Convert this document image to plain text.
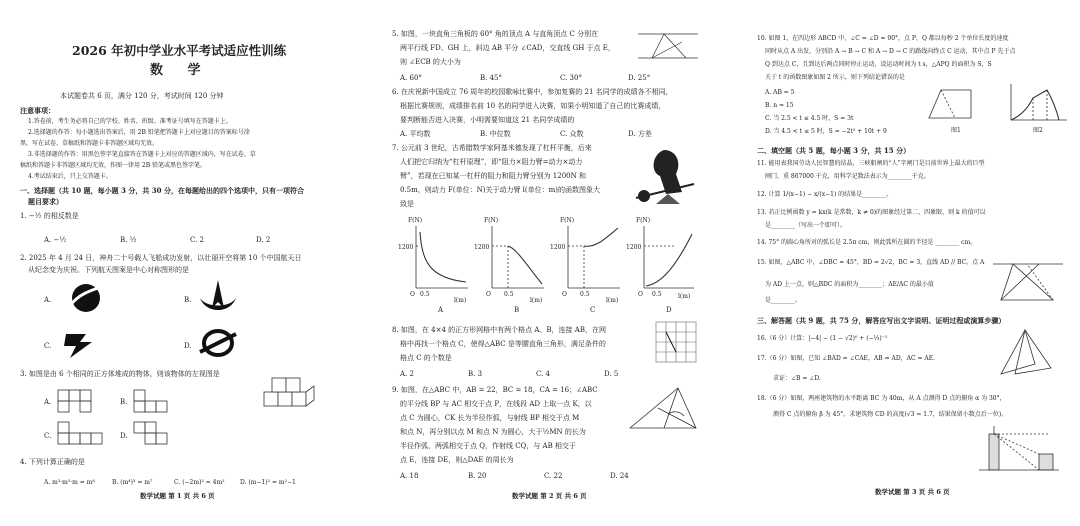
2026 年初中学业水平考试适应性训练
数 学
本试题卷共 6 页，满分 120 分，考试时间 120 分钟
注意事项：
1.答卷前，考生务必将自己的学校、姓名、班级、准考证号填写在答题卡上。
2.选择题的作答：每小题选出答案后，用 2B 铅笔把答题卡上对应题目的答案标号涂
黑，写在试卷、草稿纸和答题卡非答题区域均无效。
3.非选择题的作答：用黑色签字笔直接答在答题卡上对应的答题区域内，写在试卷、草
稿纸和答题卡非答题区域均无效，作图一律用 2B 铅笔或黑色签字笔。
4.考试结束后，只上交答题卡。
一、选择题（共 10 题，每小题 3 分，共 30 分，在每题给出的四个选项中，只有一项符合
题目要求）
1. −½ 的相反数是
A. −½	B. ½	C. 2	D. 2
2. 2025 年 4 月 24 日，神舟二十号载人飞船成功发射，以壮丽开空将第 10 个中国航天日
从纪念变为庆祝。下列航天图案是中心对称图形的是
A.	B.
C.	D.
3. 如图是由 6 个相同的正方体堆成的物体，则该物体的左视图是
A.	B.
C.	D.
4. 下列计算正确的是
A. m³·m⁵·m = m⁸	B. (m⁴)³ = m⁷	C. (−2m)² = 4m²	D. (m−1)² = m²−1
数学试题 第 1 页 共 6 页
5. 如图，一块直角三角板的 60° 角的顶点 A 与直角顶点 C 分别在
两平行线 FD、GH 上，斜边 AB 平分 ∠CAD，交直线 GH 于点 E，
则 ∠ECB 的大小为
A. 60°	B. 45°	C. 30°	D. 25°
6. 在庆祝新中国成立 76 周年的校园歌咏比赛中，参加复赛的 21 名同学的成绩各不相同，
根据比赛规则，成绩排名前 10 名的同学进入决赛，如果小明知道了自己的比赛成绩，
要判断能否进入决赛，小明需要知道这 21 名同学成绩的
A. 平均数	B. 中位数	C. 众数	D. 方差
7. 公元前 3 世纪，古希腊数学家阿基米德发现了杠杆平衡，后来
人们把它归纳为“杠杆原理”，即“阻力×阻力臂=动力×动力
臂”，若现在已知某一杠杆的阻力和阻力臂分别为 1200N 和
0.5m，则动力 F(单位：N)关于动力臂 l(单位：m)的函数图象大
致是
F(N)	F(N)	F(N)	F(N)
1200	1200	1200	1200
O	O	O	O
0.5	0.5	0.5	0.5
l(m)	l(m)	l(m)
l(m)
A	B	C	D
8. 如图，在 4×4 的正方形网格中有两个格点 A、B，连接 AB，在网
格中再找一个格点 C，使得△ABC 是等腰直角三角形，满足条件的
格点 C 的个数是
A. 2	B. 3	C. 4	D. 5
9. 如图，在△ABC 中，AB = 22，BC = 18，CA = 16；∠ABC
的平分线 BP 与 AC 相交于点 P，在线段 AD 上取一点 K，以
点 C 为圆心，CK 长为半径作弧，与射线 BP 相交于点 M
和点 N，再分别以点 M 和点 N 为圆心，大于½MN 的长为
半径作弧，两弧相交于点 Q，作射线 CQ，与 AB 相交于
点 E，连接 DE，则△DAE 的周长为
A. 18	B. 20	C. 22	D. 24
数学试题 第 2 页 共 6 页
10. 如图 1，在四边形 ABCD 中，∠C = ∠D = 90°，点 P，Q 都以每秒 2 个单位长度的速度
同时从点 A 出发，分别沿 A → B → C 和 A → D → C 的路线向终点 C 运动，其中点 P 先于点
Q 到达点 C，且到达后两点同时停止运动，设运动时间为 t s，△APQ 的面积为 S，S
关于 t 的函数图象如图 2 所示，则下列结论错误的是
A. AB = 5
B. n = 15
C. 当 2.5 < t ≤ 4.5 时，S = 3t
D. 当 4.5 < t ≤ 5 时，S = −2t² + 10t + 9	图1	图2
二、填空题（共 5 题，每小题 3 分，共 15 分）
11. 能用表我国劳动人民智慧的结晶，三峡船闸的“人”字闸门是目前世界上最大的巨型
闸门，重 867000 千克，用科学记数法表示为________千克。
12. 计算 1/(x−1) − x/(x−1) 的结果是________。
13. 若正比例函数 y = kx(k 是常数，k ≠ 0)的图象经过第二、四象限，则 k 的值可以
是________（写出一个即可）。
14. 75° 的圆心角所对的弧长是 2.5π cm，则此弧所在圆的半径是 ________ cm。
15. 如图，△ABC 中，∠DBC = 45°，BD = 2√2，BC = 3，直线 AD // BC，点 A
为 AD 上一点，则△BDC 的面积为________；AE/AC 的最小值
是________。
三、解答题（共 9 题，共 75 分，解答应写出文字说明、证明过程或演算步骤）
16.（6 分）计算：|−4| − (1 − √2)⁰ + (−⅓)⁻¹
17.（6 分）如图，已知 ∠BAD = ∠CAE，AB = AD，AC = AE.
求证：∠B = ∠D.
18.（6 分）如图，两座建筑物的水平距离 BC 为 40m，从 A 点测得 D 点的俯角 α 为 30°，
测得 C 点的俯角 β 为 45°，求建筑物 CD 的高度(√3 ≈ 1.7，结果保留小数点后一位)。
数学试题 第 3 页 共 6 页
